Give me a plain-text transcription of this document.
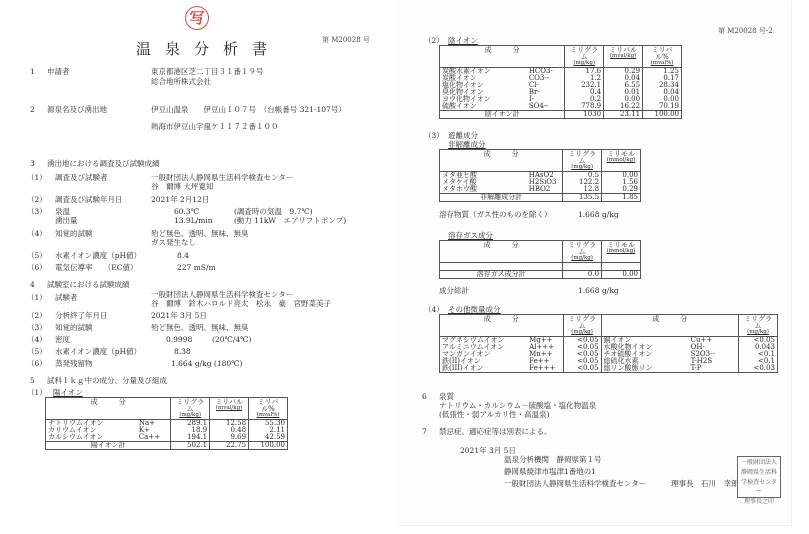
写
温泉分析書	第 M20028 号
1 申請者	東京都港区芝二丁目３１番１９号
総合地所株式会社
2 源泉名及び湧出地	伊豆山温泉　　伊豆山１０７号　（台帳番号 321-107号）
熱海市伊豆山字嵐ケ１１７２番１００
3 湧出地における調査及び試験成績
（1） 調査及び試験者	一般財団法人静岡県生活科学検査センター
谷　爾博 大坪寛知
（2） 調査及び試験年月日	2021年 2月12日
（3） 泉温	60.3℃	(調査時の気温　9.7℃)
湧出量	13.9L/min	(動力 11kW　エアリフトポンプ)
（4） 知覚的試験	殆ど無色、透明、無味、無臭
ガス発生なし
（5） 水素イオン濃度（pH値）	8.4
（6） 電気伝導率　　（EC値）	227 mS/m
4 試験室における試験成績
（1） 試験者	一般財団法人静岡県生活科学検査センター
谷　爾博　鈴木ハロルド亮太　松永　豪　宮野菜美子
（2） 分析終了年月日	2021年 3月 5日
（3） 知覚的試験	殆ど無色、透明、無味、無臭
（4） 密度	0.9998	(20℃/4℃)
（5） 水素イオン濃度（pH値）	8.38
（6） 蒸発残留物	1.664 g/kg (180℃)
5 試料１ｋｇ中の成分、分量及び組成
（1） 陽イオン
成　　　分		ミリグラム
(mg/kg)	ミリバル
(mval/kg)	ミリバル%
(mval%)

ナトリウムイオン	Na+	289.1	12.58	55.30
カリウムイオン	K+	18.9	0.48	2.11
カルシウムイオン	Ca++	194.1	9.69	42.59
陽イオン計		502.1	22.75	100.00
第 M20028 号-2
（2） 陰イオン
成　　　分		ミリグラム
(mg/kg)	ミリバル
(mval/kg)	ミリバル%
(mval%)

炭酸水素イオン	HCO3-	17.6	0.29	1.25
炭酸イオン	CO3--	1.2	0.04	0.17
塩化物イオン	Cl-	232.1	6.55	28.34
臭化物イオン	Br-	0.4	0.01	0.04
ヨウ化物イオン	I-	0.2	0.00	0.00
硫酸イオン	SO4--	778.9	16.22	70.19
陰イオン計		1030	23.11	100.00
（3） 遊離成分
非解離成分
成　　　分		ミリグラム
(mg/kg)	ミリモル
(mmol/kg)

メタ亜ヒ酸	HAsO2	0.5	0.00
メタケイ酸	H2SiO3	122.2	1.56
メタホウ酸	HBO2	12.8	0.29
非解離成分計		135.5	1.85
溶存物質（ガス性のものを除く）	1.668 g/kg
溶存ガス成分
成　　　分	ミリグラム
(mg/kg)	ミリモル
(mmol/kg)

溶存ガス成分計	0.0	0.00
成分総計	1.668 g/kg
（4） その他微量成分
成　　　分		ミリグラム
(mg/kg)	成　　　分		ミリグラム
(mg/kg)

マグネシウムイオン	Mg++	<0.05	銅イオン	Cu++	<0.05
アルミニウムイオン	Al+++	<0.05	水酸化物イオン	OH-	0.043
マンガンイオン	Mn++	<0.05	チオ硫酸イオン	S2O3--	<0.1
鉄(II)イオン	Fe++	<0.05	総硫化水素	T-H2S	<0.1
鉄(III)イオン	Fe+++	<0.05	総リン酸態リン	T-P	<0.03
6 泉質
ナトリウム・カルシウム－硫酸塩・塩化物温泉
(低張性・弱アルカリ性・高温泉)
7 禁忌症、適応症等は別表による。
2021年 3月 5日
温泉分析機関　静岡県第１号
静岡県焼津市塩津1番地の1
一般財団法人静岡県生活科学検査センター	理事長 石川　幸郎
一般財団法人
静岡県生活科
学検査センター
理事長之印
